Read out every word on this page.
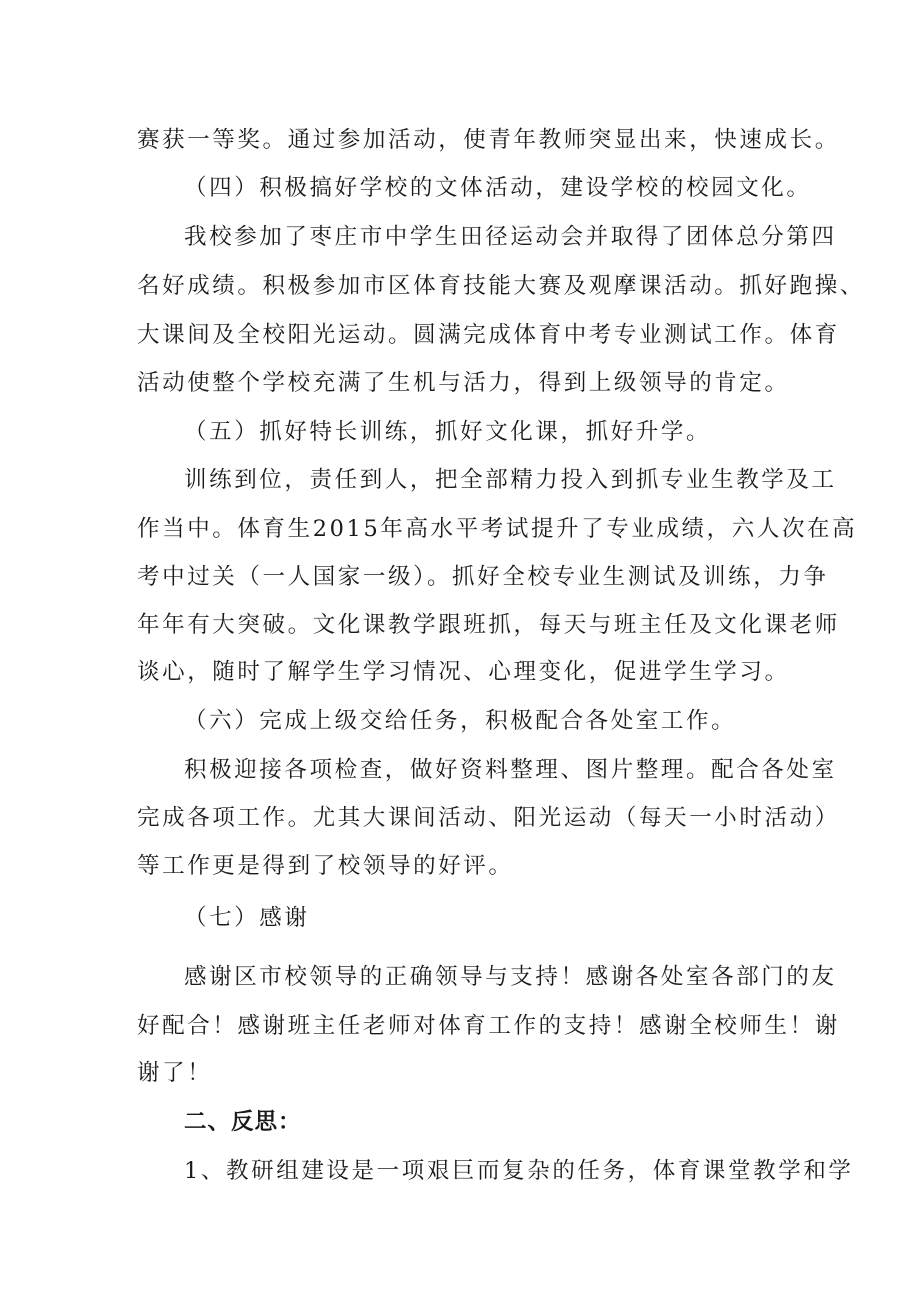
赛获一等奖。通过参加活动，使青年教师突显出来，快速成长。
（四）积极搞好学校的文体活动，建设学校的校园文化。
我校参加了枣庄市中学生田径运动会并取得了团体总分第四
名好成绩。积极参加市区体育技能大赛及观摩课活动。抓好跑操、
大课间及全校阳光运动。圆满完成体育中考专业测试工作。体育
活动使整个学校充满了生机与活力，得到上级领导的肯定。
（五）抓好特长训练，抓好文化课，抓好升学。
训练到位，责任到人，把全部精力投入到抓专业生教学及工
作当中。体育生2015年高水平考试提升了专业成绩，六人次在高
考中过关（一人国家一级）。抓好全校专业生测试及训练，力争
年年有大突破。文化课教学跟班抓，每天与班主任及文化课老师
谈心，随时了解学生学习情况、心理变化，促进学生学习。
（六）完成上级交给任务，积极配合各处室工作。
积极迎接各项检查，做好资料整理、图片整理。配合各处室
完成各项工作。尤其大课间活动、阳光运动（每天一小时活动）
等工作更是得到了校领导的好评。
（七）感谢
感谢区市校领导的正确领导与支持！感谢各处室各部门的友
好配合！感谢班主任老师对体育工作的支持！感谢全校师生！谢
谢了！
二、反思：
1、教研组建设是一项艰巨而复杂的任务，体育课堂教学和学
